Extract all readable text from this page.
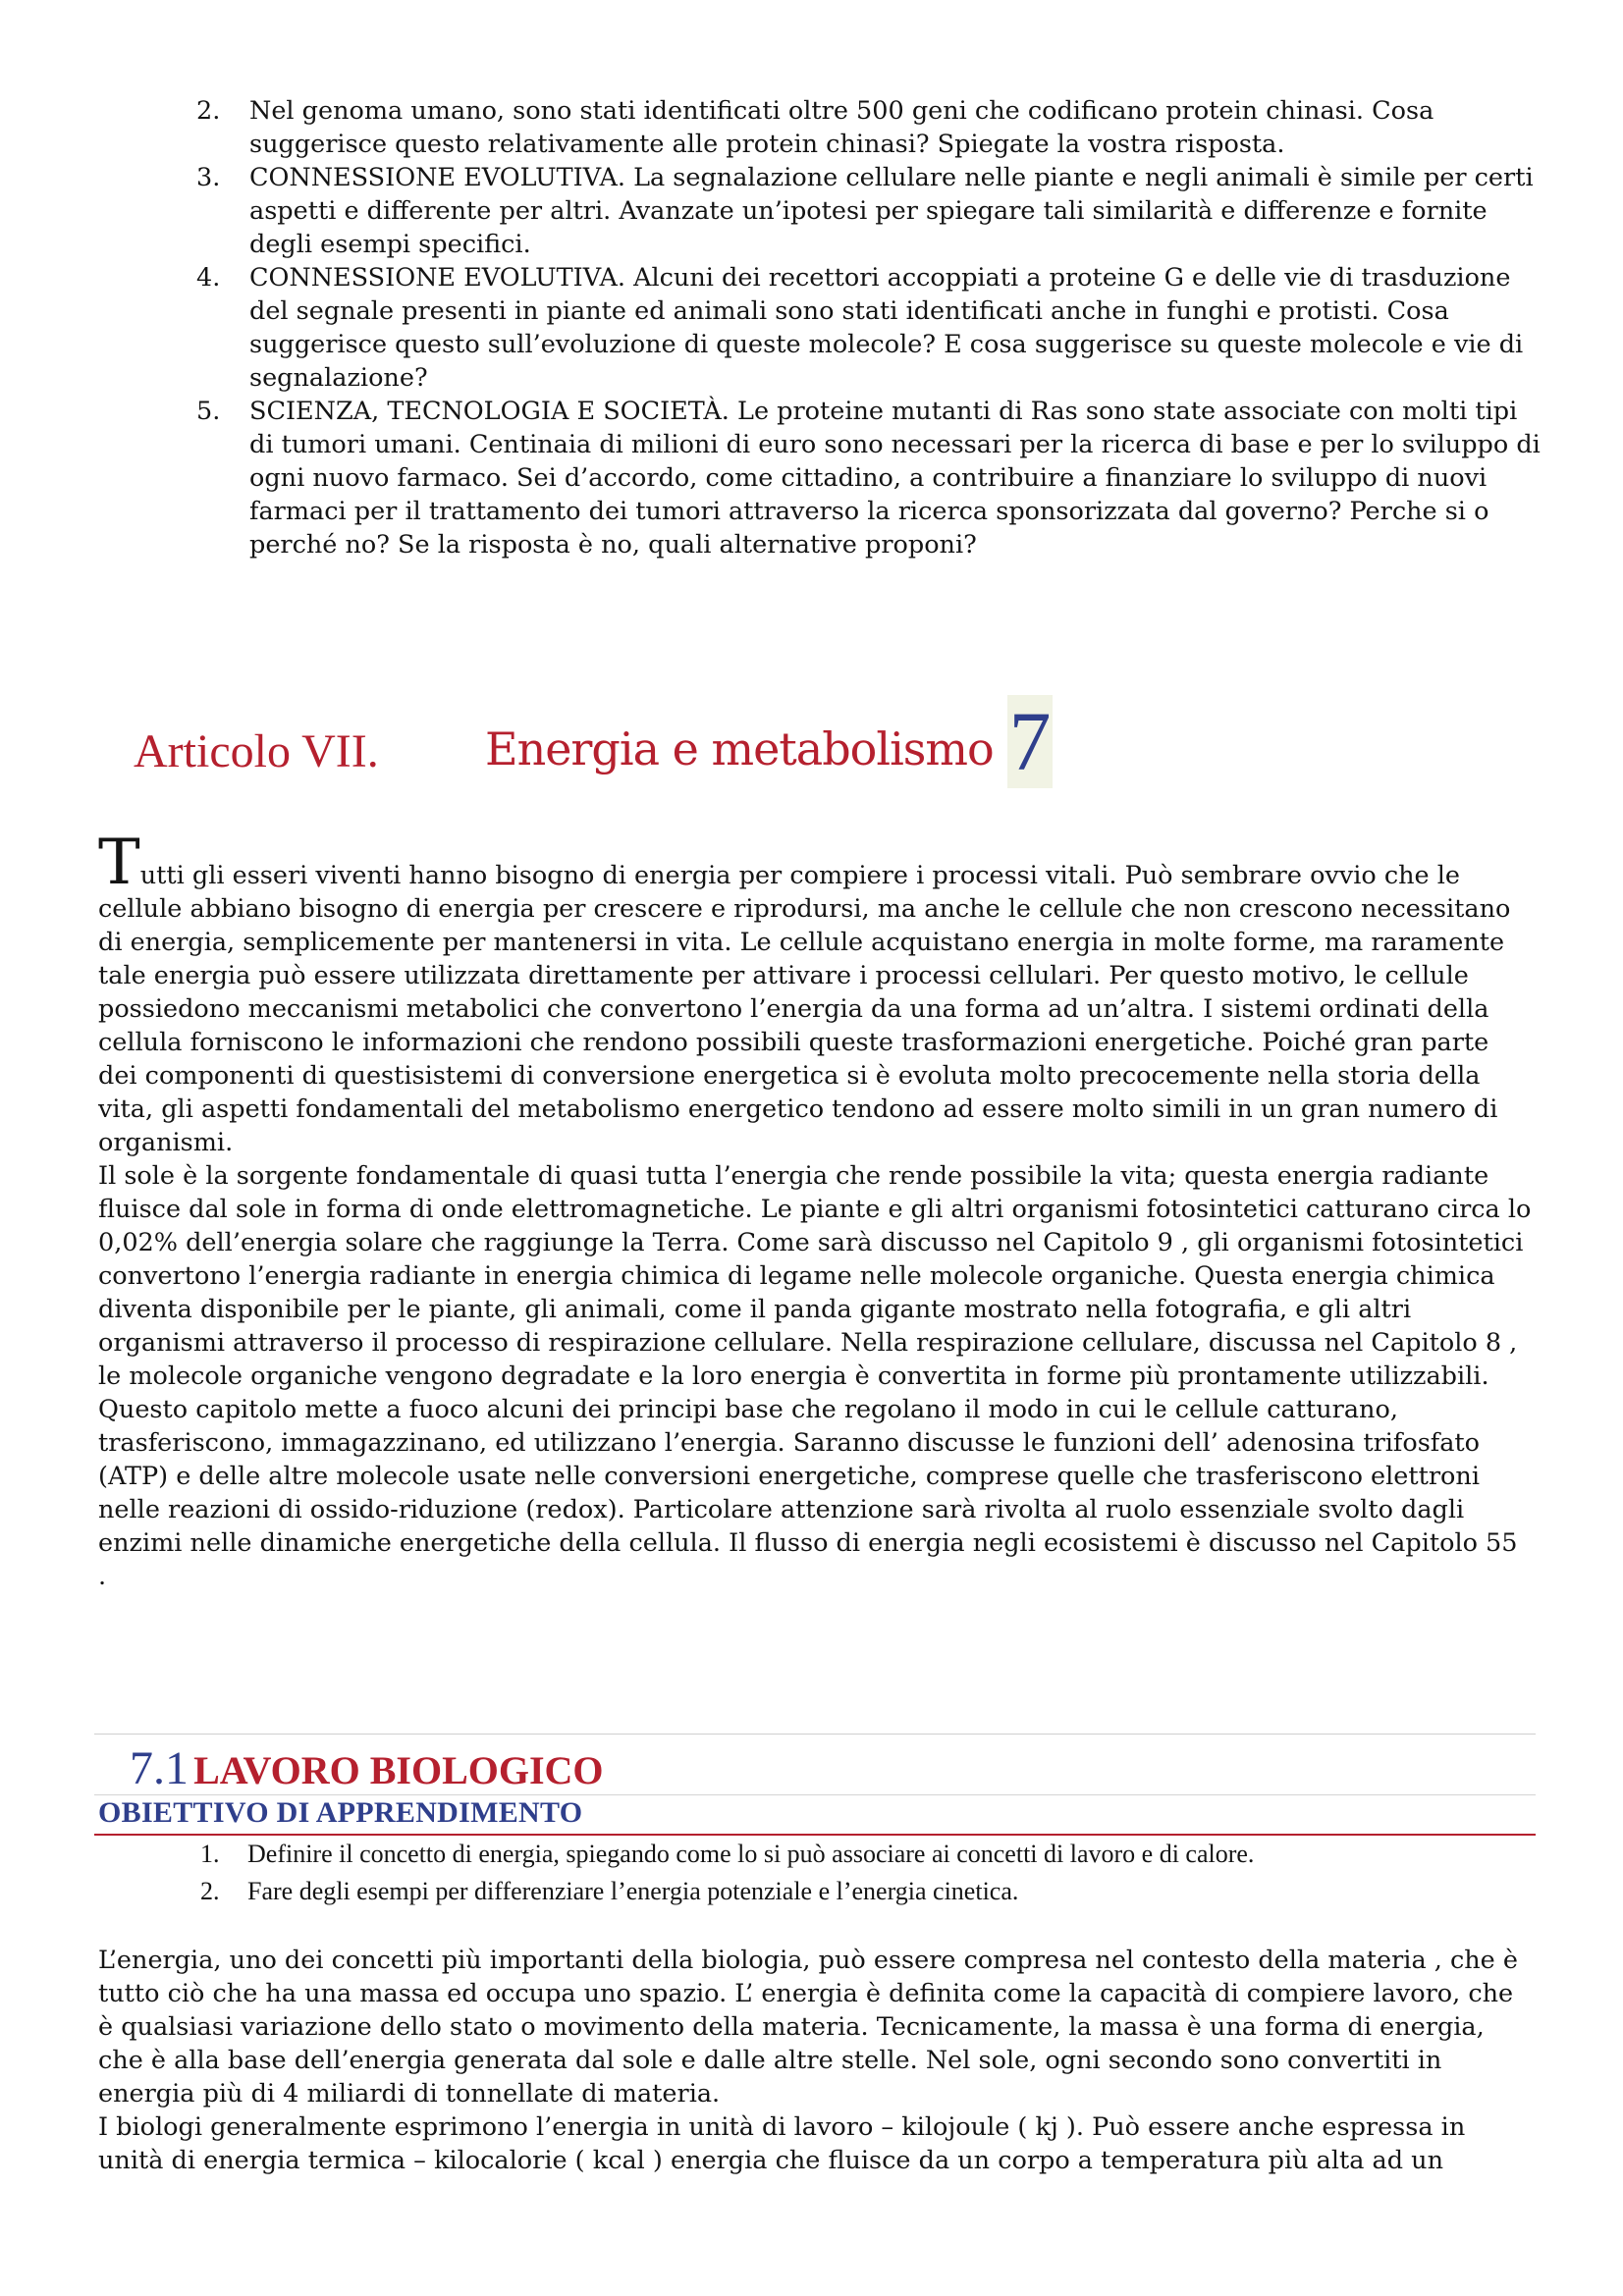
2. Nel genoma umano, sono stati identificati oltre 500 geni che codificano protein chinasi. Cosa suggerisce questo relativamente alle protein chinasi? Spiegate la vostra risposta.
3. CONNESSIONE EVOLUTIVA. La segnalazione cellulare nelle piante e negli animali è simile per certi aspetti e differente per altri. Avanzate un’ipotesi per spiegare tali similarità e differenze e fornite degli esempi specifici.
4. CONNESSIONE EVOLUTIVA. Alcuni dei recettori accoppiati a proteine G e delle vie di trasduzione del segnale presenti in piante ed animali sono stati identificati anche in funghi e protisti. Cosa suggerisce questo sull’evoluzione di queste molecole? E cosa suggerisce su queste molecole e vie di segnalazione?
5. SCIENZA, TECNOLOGIA E SOCIETÀ. Le proteine mutanti di Ras sono state associate con molti tipi di tumori umani. Centinaia di milioni di euro sono necessari per la ricerca di base e per lo sviluppo di ogni nuovo farmaco. Sei d’accordo, come cittadino, a contribuire a finanziare lo sviluppo di nuovi farmaci per il trattamento dei tumori attraverso la ricerca sponsorizzata dal governo? Perche si o perché no? Se la risposta è no, quali alternative proponi?
Articolo VII. Energia e metabolismo 7
Tutti gli esseri viventi hanno bisogno di energia per compiere i processi vitali. Può sembrare ovvio che le cellule abbiano bisogno di energia per crescere e riprodursi, ma anche le cellule che non crescono necessitano di energia, semplicemente per mantenersi in vita. Le cellule acquistano energia in molte forme, ma raramente tale energia può essere utilizzata direttamente per attivare i processi cellulari. Per questo motivo, le cellule possiedono meccanismi metabolici che convertono l’energia da una forma ad un’altra. I sistemi ordinati della cellula forniscono le informazioni che rendono possibili queste trasformazioni energetiche. Poiché gran parte dei componenti di questisistemi di conversione energetica si è evoluta molto precocemente nella storia della vita, gli aspetti fondamentali del metabolismo energetico tendono ad essere molto simili in un gran numero di organismi.
Il sole è la sorgente fondamentale di quasi tutta l’energia che rende possibile la vita; questa energia radiante fluisce dal sole in forma di onde elettromagnetiche. Le piante e gli altri organismi fotosintetici catturano circa lo 0,02% dell’energia solare che raggiunge la Terra. Come sarà discusso nel Capitolo 9 , gli organismi fotosintetici convertono l’energia radiante in energia chimica di legame nelle molecole organiche. Questa energia chimica diventa disponibile per le piante, gli animali, come il panda gigante mostrato nella fotografia, e gli altri organismi attraverso il processo di respirazione cellulare. Nella respirazione cellulare, discussa nel Capitolo 8 , le molecole organiche vengono degradate e la loro energia è convertita in forme più prontamente utilizzabili.
Questo capitolo mette a fuoco alcuni dei principi base che regolano il modo in cui le cellule catturano, trasferiscono, immagazzinano, ed utilizzano l’energia. Saranno discusse le funzioni dell’ adenosina trifosfato (ATP) e delle altre molecole usate nelle conversioni energetiche, comprese quelle che trasferiscono elettroni nelle reazioni di ossido-riduzione (redox). Particolare attenzione sarà rivolta al ruolo essenziale svolto dagli enzimi nelle dinamiche energetiche della cellula. Il flusso di energia negli ecosistemi è discusso nel Capitolo 55 .
7.1 LAVORO BIOLOGICO
OBIETTIVO DI APPRENDIMENTO
1. Definire il concetto di energia, spiegando come lo si può associare ai concetti di lavoro e di calore.
2. Fare degli esempi per differenziare l’energia potenziale e l’energia cinetica.
L’energia, uno dei concetti più importanti della biologia, può essere compresa nel contesto della materia , che è tutto ciò che ha una massa ed occupa uno spazio. L’ energia è definita come la capacità di compiere lavoro, che è qualsiasi variazione dello stato o movimento della materia. Tecnicamente, la massa è una forma di energia, che è alla base dell’energia generata dal sole e dalle altre stelle. Nel sole, ogni secondo sono convertiti in energia più di 4 miliardi di tonnellate di materia.
I biologi generalmente esprimono l’energia in unità di lavoro – kilojoule ( kj ). Può essere anche espressa in unità di energia termica – kilocalorie ( kcal ) energia che fluisce da un corpo a temperatura più alta ad un
